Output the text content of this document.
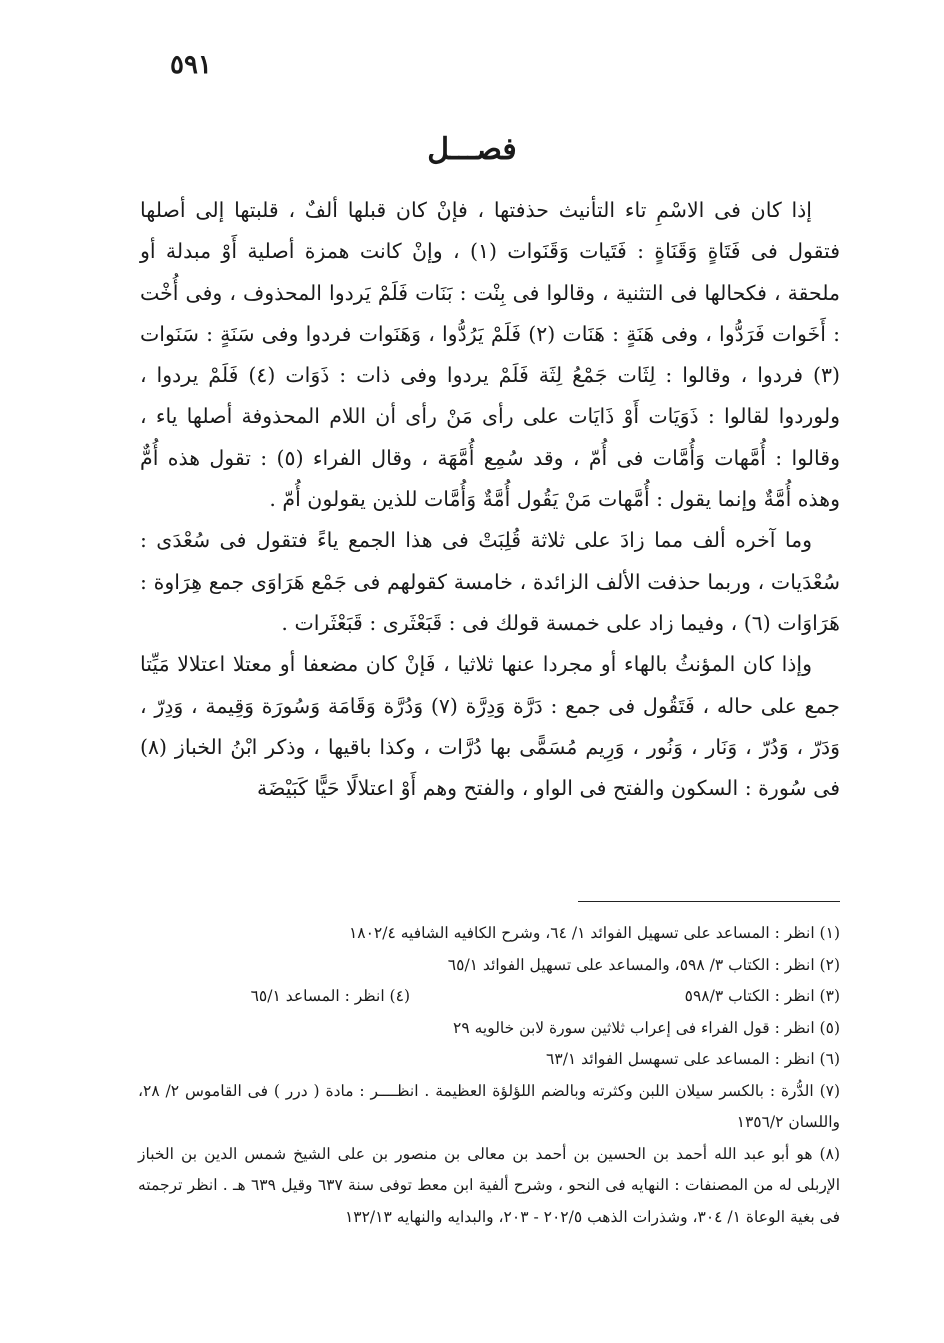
٥٩١
فصـــل

إذا كان فى الاسْمِ تاء التأنيث حذفتها ، فإنْ كان قبلها ألفٌ ، قلبتها إلى أصلها فتقول فى فَتَاةٍ وَقَنَاةٍ : فَتَيات وَقَنَوات (١) ، وإنْ كانت همزة أصلية أَوْ مبدلة أو ملحقة ، فكحالها فى التثنية ، وقالوا فى بِنْت : بَنَات فَلَمْ يَردوا المحذوف ، وفى أُخْت : أَخَوات فَرَدُّوا ، وفى هَنَةٍ : هَنَات (٢) فَلَمْ يَرُدُّوا ، وَهَنَوات فردوا وفى سَنَةٍ : سَنَوات (٣) فردوا ، وقالوا : لِثَات جَمْعُ لِثَة فَلَمْ يردوا وفى ذات : ذَوَات (٤) فَلَمْ يردوا ، ولوردوا لقالوا : ذَوَيَات أَوْ ذَايَات على رأى مَنْ رأى أن اللام المحذوفة أصلها ياء ، وقالوا : أُمَّهات وَأُمَّات فى أُمّ ، وقد سُمِع أُمَّهَة ، وقال الفراء (٥) : تقول هذه أُمٌّ وهذه أُمَّةٌ وإنما يقول : أُمَّهات مَنْ يَقُول أُمَّةٌ وَأُمَّات للذين يقولون أُمّ .

وما آخره ألف مما زادَ على ثلاثة قُلِبَتْ فى هذا الجمع ياءً فتقول فى سُعْدَى : سُعْدَيات ، وربما حذفت الألف الزائدة ، خامسة كقولهم فى جَمْع هَرَاوَى جمع هِرَاوة : هَرَاوَات (٦) ، وفيما زاد على خمسة قولك فى : قَبَعْثَرى : قَبَعْثَرات .

وإذا كان المؤنثُ بالهاء أو مجردا عنها ثلاثيا ، فَإنْ كان مضعفا أو معتلا اعتلالا مَيِّتا جمع على حاله ، فَتَقُول فى جمع : دَرَّة وَدِرَّة (٧) وَدُرَّة وَقَامَة وَسُورَة وَقِيمة ، وَدِرّ ، وَدَرّ ، وَدُرّ ، وَنَار ، وَنُور ، وَرِيم مُسَمًّى بها دُرَّات ، وكذا باقيها ، وذكر ابْنُ الخباز (٨) فى سُورة : السكون والفتح فى الواو ، والفتح وهم أَوْ اعتلالًا حَيًّا كَبَيْضَة

(١) انظر : المساعد على تسهيل الفوائد ١/ ٦٤، وشرح الكافيه الشافيه ١٨٠٢/٤

(٢) انظر : الكتاب ٣/ ٥٩٨، والمساعد على تسهيل الفوائد ٦٥/١

(٣) انظر : الكتاب ٥٩٨/٣

(٤) انظر : المساعد ٦٥/١

(٥) انظر : قول الفراء فى إعراب ثلاثين سورة لابن خالويه ٢٩

(٦) انظر : المساعد على تسهسل الفوائد ٦٣/١

(٧) الدُّرة : بالكسر سيلان اللبن وكثرته وبالضم اللؤلؤة العظيمة . انظــــر : مادة ( درر ) فى القاموس ٢/ ٢٨، واللسان ١٣٥٦/٢

(٨) هو أبو عبد الله أحمد بن الحسين بن أحمد بن معالى بن منصور بن على الشيخ شمس الدين بن الخباز الإربلى له من المصنفات : النهايه فى النحو ، وشرح ألفية ابن معط توفى سنة ٦٣٧ وقيل ٦٣٩ هـ . انظر ترجمته فى بغية الوعاة ١/ ٣٠٤، وشذرات الذهب ٢٠٢/٥ - ٢٠٣، والبدايه والنهايه ١٣٢/١٣
